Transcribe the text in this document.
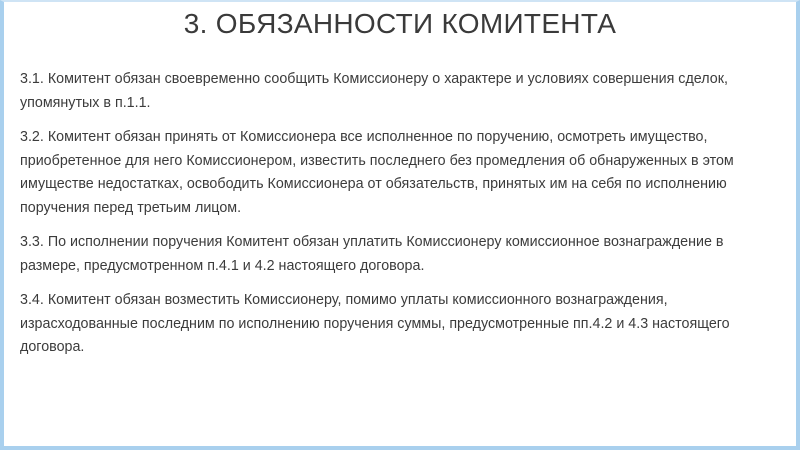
3. ОБЯЗАННОСТИ КОМИТЕНТА

3.1. Комитент обязан своевременно сообщить Комиссионеру о характере и условиях совершения сделок, упомянутых в п.1.1.

3.2. Комитент обязан принять от Комиссионера все исполненное по поручению, осмотреть имущество, приобретенное для него Комиссионером, известить последнего без промедления об обнаруженных в этом имуществе недостатках, освободить Комиссионера от обязательств, принятых им на себя по исполнению поручения перед третьим лицом.

3.3. По исполнении поручения Комитент обязан уплатить Комиссионеру комиссионное вознаграждение в размере, предусмотренном п.4.1 и 4.2 настоящего договора.

3.4. Комитент обязан возместить Комиссионеру, помимо уплаты комиссионного вознаграждения, израсходованные последним по исполнению поручения суммы, предусмотренные пп.4.2 и 4.3 настоящего договора.
